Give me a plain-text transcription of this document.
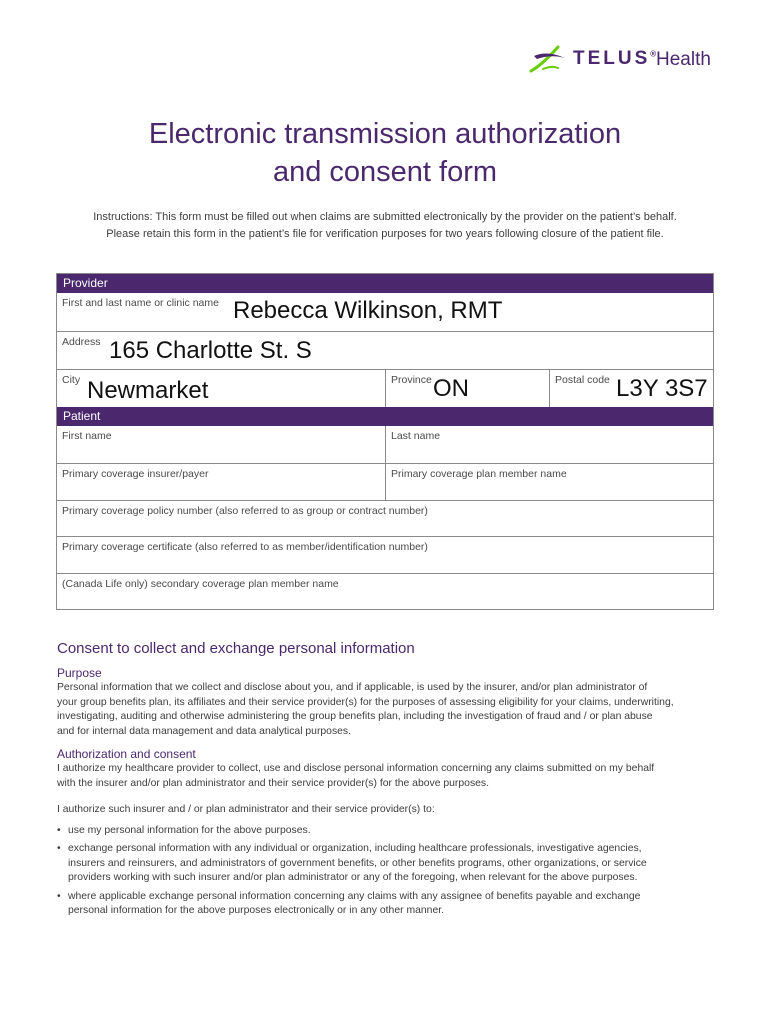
TELUS® Health
Electronic transmission authorization
and consent form
Instructions: This form must be filled out when claims are submitted electronically by the provider on the patient’s behalf.
Please retain this form in the patient’s file for verification purposes for two years following closure of the patient file.
Provider
First and last name or clinic name Rebecca Wilkinson, RMT
Address 165 Charlotte St. S
City Newmarket	Province ON	Postal code L3Y 3S7
Patient
First name	Last name
Primary coverage insurer/payer	Primary coverage plan member name
Primary coverage policy number (also referred to as group or contract number)
Primary coverage certificate (also referred to as member/identification number)
(Canada Life only) secondary coverage plan member name
Consent to collect and exchange personal information
Purpose

Personal information that we collect and disclose about you, and if applicable, is used by the insurer, and/or plan administrator of
your group benefits plan, its affiliates and their service provider(s) for the purposes of assessing eligibility for your claims, underwriting,
investigating, auditing and otherwise administering the group benefits plan, including the investigation of fraud and / or plan abuse
and for internal data management and data analytical purposes.

Authorization and consent

I authorize my healthcare provider to collect, use and disclose personal information concerning any claims submitted on my behalf
with the insurer and/or plan administrator and their service provider(s) for the above purposes.

I authorize such insurer and / or plan administrator and their service provider(s) to:

• use my personal information for the above purposes.
• exchange personal information with any individual or organization, including healthcare professionals, investigative agencies,
insurers and reinsurers, and administrators of government benefits, or other benefits programs, other organizations, or service
providers working with such insurer and/or plan administrator or any of the foregoing, when relevant for the above purposes.
• where applicable exchange personal information concerning any claims with any assignee of benefits payable and exchange
personal information for the above purposes electronically or in any other manner.
